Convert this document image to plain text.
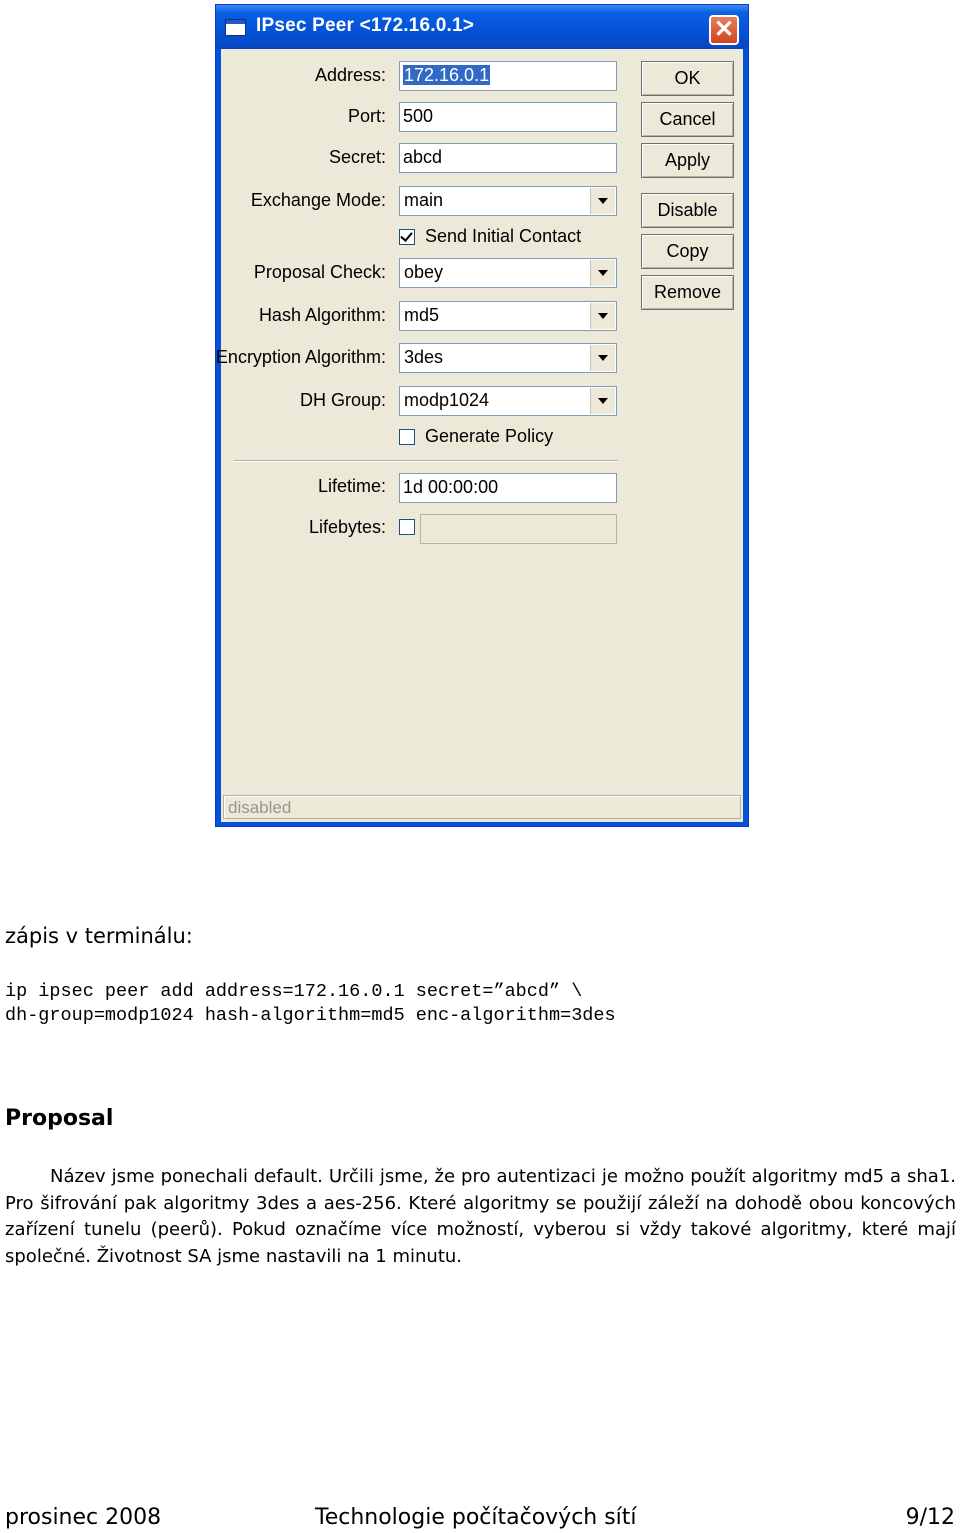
IPsec Peer <172.16.0.1>	✕
Address: 172.16.0.1
Port: 500
Secret: abcd
Exchange Mode: main
Send Initial Contact
Proposal Check: obey
Hash Algorithm: md5
Encryption Algorithm: 3des
DH Group: modp1024
Generate Policy
Lifetime: 1d 00:00:00
Lifebytes:
OK
Cancel
Apply
Disable
Copy
Remove
disabled
zápis v terminálu:
ip ipsec peer add address=172.16.0.1 secret=”abcd” \
dh-group=modp1024 hash-algorithm=md5 enc-algorithm=3des
Proposal
Název jsme ponechali default. Určili jsme, že pro autentizaci je možno použít algoritmy md5 a sha1. Pro šifrování pak algoritmy 3des a aes-256. Které algoritmy se použijí záleží na dohodě obou koncových zařízení tunelu (peerů). Pokud označíme více možností, vyberou si vždy takové algoritmy, které mají společné. Životnost SA jsme nastavili na 1 minutu.
prosinec 2008	Technologie počítačových sítí	9/12
